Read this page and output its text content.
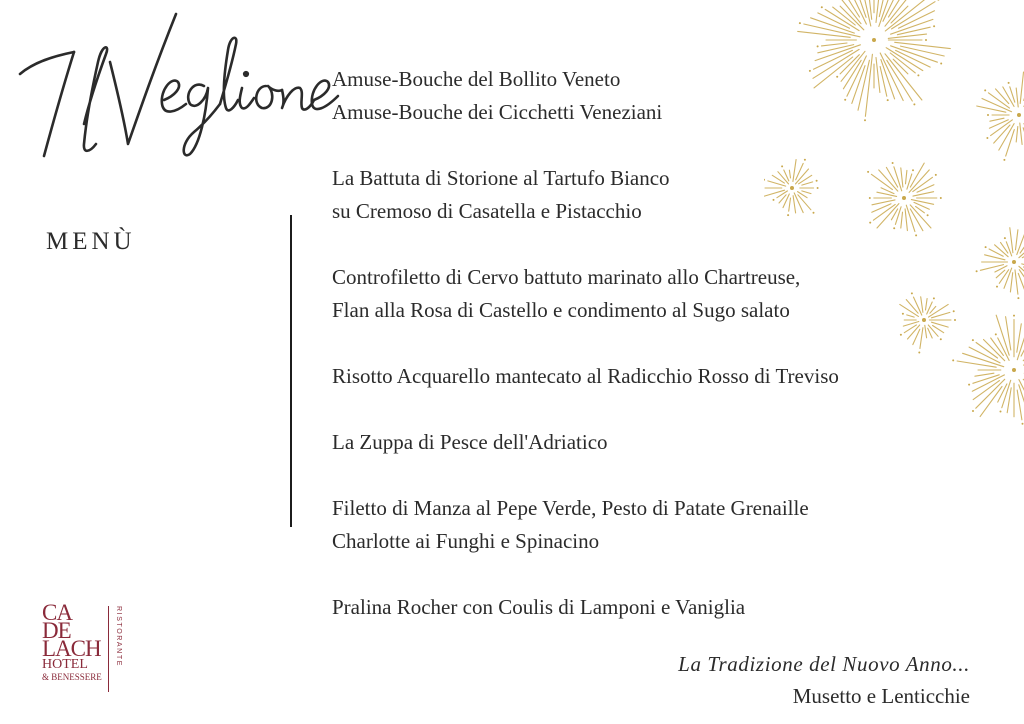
MENÙ
Amuse-Bouche del Bollito Veneto
Amuse-Bouche dei Cicchetti Veneziani
La Battuta di Storione al Tartufo Bianco
su Cremoso di Casatella e Pistacchio
Controfiletto di Cervo battuto marinato allo Chartreuse,
Flan alla Rosa di Castello e condimento al Sugo salato
Risotto Acquarello mantecato al Radicchio Rosso di Treviso
La Zuppa di Pesce dell'Adriatico
Filetto di Manza al Pepe Verde, Pesto di Patate Grenaille
Charlotte ai Funghi e Spinacino
Pralina Rocher con Coulis di Lamponi e Vaniglia
La Tradizione del Nuovo Anno...
Musetto e Lenticchie
CA
DE
LACH
HOTEL
& BENESSERE
RISTORANTE
